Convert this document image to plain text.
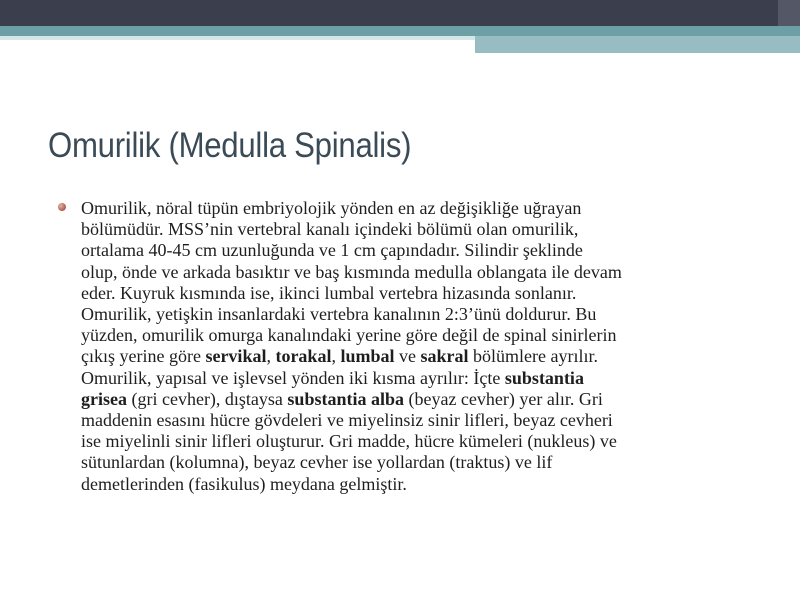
Omurilik (Medulla Spinalis)
Omurilik, nöral tüpün embriyolojik yönden en az değişikliğe uğrayan
bölümüdür. MSS’nin vertebral kanalı içindeki bölümü olan omurilik,
ortalama 40-45 cm uzunluğunda ve 1 cm çapındadır. Silindir şeklinde
olup, önde ve arkada basıktır ve baş kısmında medulla oblangata ile devam
eder. Kuyruk kısmında ise, ikinci lumbal vertebra hizasında sonlanır.
Omurilik, yetişkin insanlardaki vertebra kanalının 2:3’ünü doldurur. Bu
yüzden, omurilik omurga kanalındaki yerine göre değil de spinal sinirlerin
çıkış yerine göre servikal, torakal, lumbal ve sakral bölümlere ayrılır.
Omurilik, yapısal ve işlevsel yönden iki kısma ayrılır: İçte substantia
grisea (gri cevher), dıştaysa substantia alba (beyaz cevher) yer alır. Gri
maddenin esasını hücre gövdeleri ve miyelinsiz sinir lifleri, beyaz cevheri
ise miyelinli sinir lifleri oluşturur. Gri madde, hücre kümeleri (nukleus) ve
sütunlardan (kolumna), beyaz cevher ise yollardan (traktus) ve lif
demetlerinden (fasikulus) meydana gelmiştir.
